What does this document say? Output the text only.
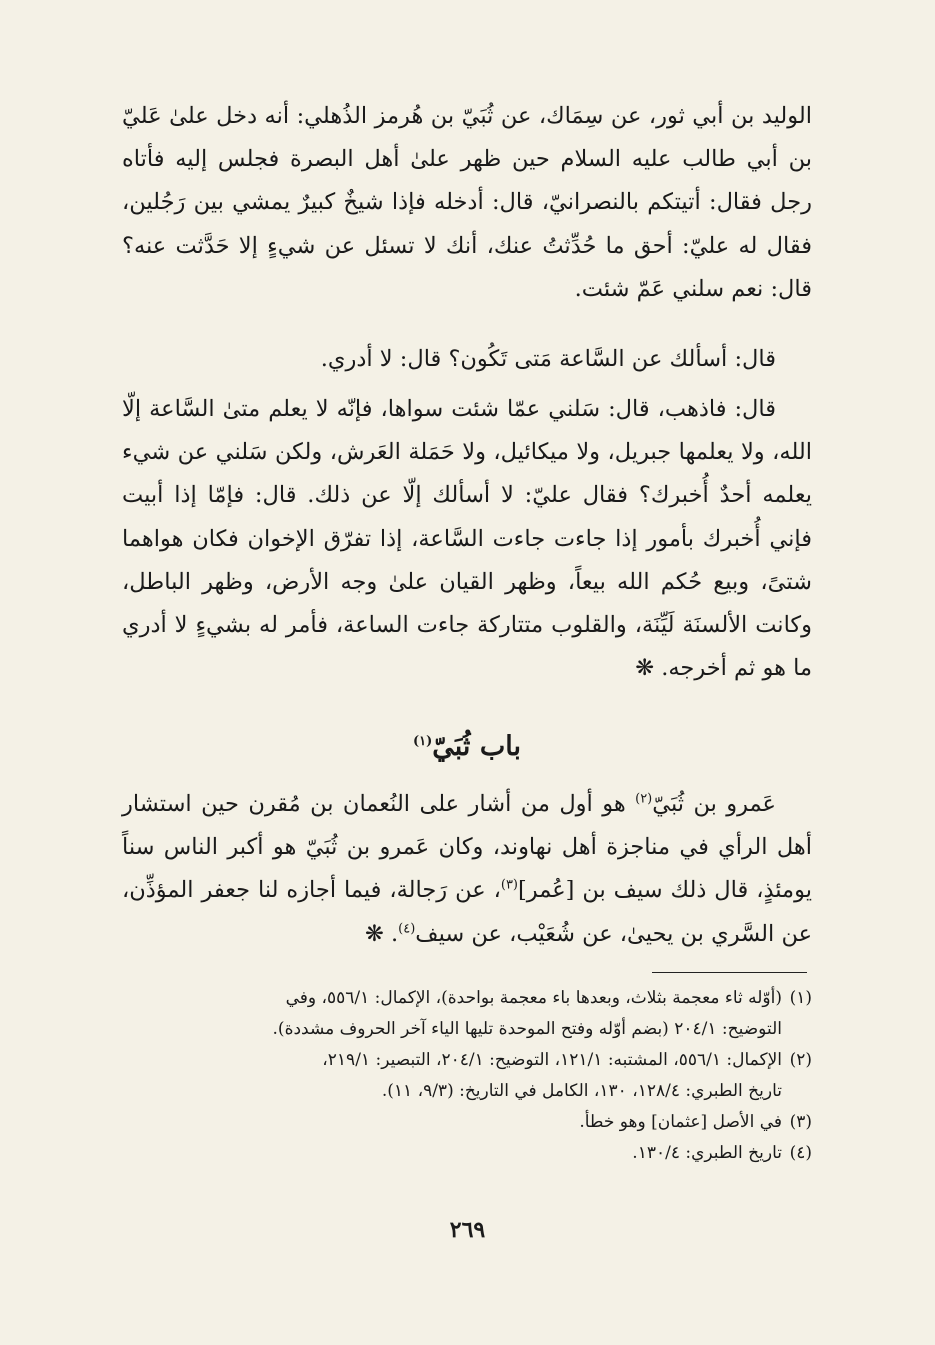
الوليد بن أبي ثور، عن سِمَاك، عن ثُبَيّ بن هُرمز الذُهلي: أنه دخل علىٰ عَليّ بن أبي طالب عليه السلام حين ظهر علىٰ أهل البصرة فجلس إليه فأتاه رجل فقال: أتيتكم بالنصرانيّ، قال: أدخله فإذا شيخٌ كبيرٌ يمشي بين رَجُلين، فقال له عليّ: أحق ما حُدِّثتُ عنك، أنك لا تسئل عن شيءٍ إلا حَدَّثت عنه؟ قال: نعم سلني عَمّ شئت.
قال: أسألك عن السَّاعة مَتى تَكُون؟ قال: لا أدري.
قال: فاذهب، قال: سَلني عمّا شئت سواها، فإنّه لا يعلم متىٰ السَّاعة إلّا الله، ولا يعلمها جبريل، ولا ميكائيل، ولا حَمَلة العَرش، ولكن سَلني عن شيء يعلمه أحدٌ أُخبرك؟ فقال عليّ: لا أسألك إلّا عن ذلك. قال: فإمّا إذا أبيت فإني أُخبرك بأمور إذا جاءت جاءت السَّاعة، إذا تفرّق الإخوان فكان هواهما شتىً، وبيع حُكم الله بيعاً، وظهر القيان علىٰ وجه الأرض، وظهر الباطل، وكانت الألسنَة لَيِّنَة، والقلوب متتاركة جاءت الساعة، فأمر له بشيءٍ لا أدري ما هو ثم أخرجه. ❋
باب ثُبَيّ$^{(١)}$
عَمرو بن ثُبَيّ$^{(٢)}$ هو أول من أشار على النُعمان بن مُقرن حين استشار أهل الرأي في مناجزة أهل نهاوند، وكان عَمرو بن ثُبَيّ هو أكبر الناس سناً يومئذٍ، قال ذلك سيف بن [عُمر]$^{(٣)}$، عن رَجالة، فيما أجازه لنا جعفر المؤذِّن، عن السَّري بن يحيىٰ، عن شُعَيْب، عن سيف$^{(٤)}$. ❋
(١)(أوّله ثاء معجمة بثلاث، وبعدها باء معجمة بواحدة)، الإكمال: ٥٥٦/١، وفي
التوضيح: ٢٠٤/١ (بضم أوّله وفتح الموحدة تليها الياء آخر الحروف مشددة).
(٢)الإكمال: ٥٥٦/١، المشتبه: ١٢١/١، التوضيح: ٢٠٤/١، التبصير: ٢١٩/١،
تاريخ الطبري: ١٢٨/٤، ١٣٠، الكامل في التاريخ: (٩/٣، ١١).
(٣)في الأصل [عثمان] وهو خطأ.
(٤)تاريخ الطبري: ١٣٠/٤.
٢٦٩
